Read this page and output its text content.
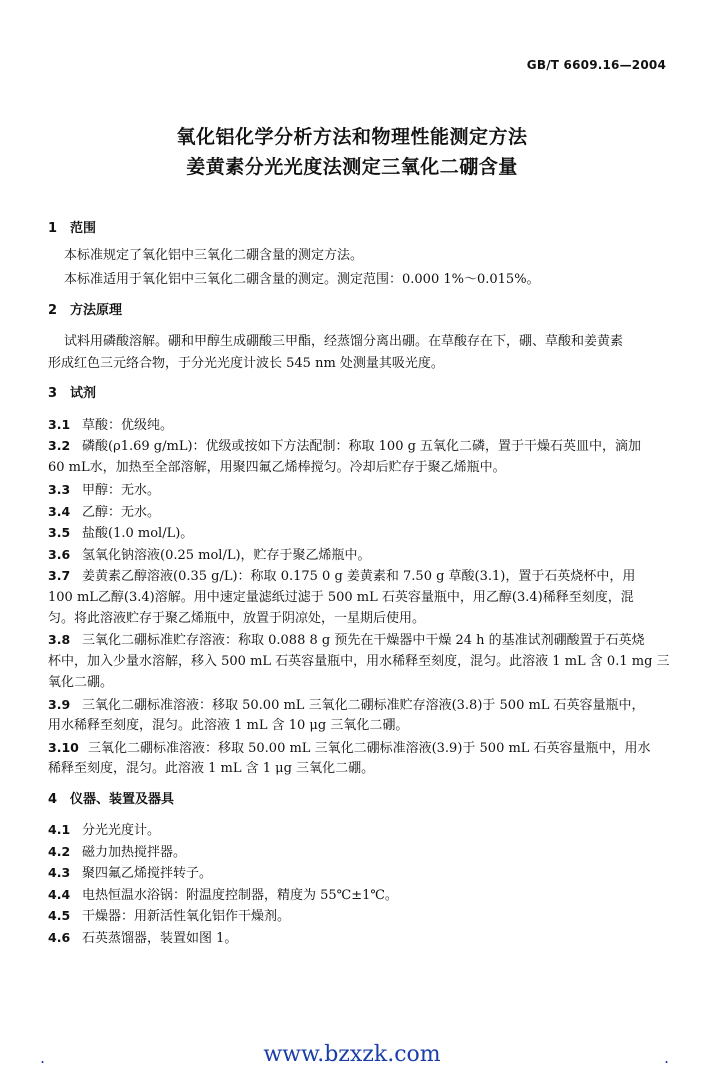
GB/T 6609.16—2004
氧化铝化学分析方法和物理性能测定方法
姜黄素分光光度法测定三氧化二硼含量
1 范围
本标准规定了氧化铝中三氧化二硼含量的测定方法。
本标准适用于氧化铝中三氧化二硼含量的测定。测定范围：0.000 1%～0.015%。
2 方法原理
试料用磷酸溶解。硼和甲醇生成硼酸三甲酯，经蒸馏分离出硼。在草酸存在下，硼、草酸和姜黄素
形成红色三元络合物，于分光光度计波长 545 nm 处测量其吸光度。
3 试剂
3.1 草酸：优级纯。
3.2 磷酸(ρ1.69 g/mL)：优级或按如下方法配制：称取 100 g 五氧化二磷，置于干燥石英皿中，滴加
60 mL水，加热至全部溶解，用聚四氟乙烯棒搅匀。冷却后贮存于聚乙烯瓶中。
3.3 甲醇：无水。
3.4 乙醇：无水。
3.5 盐酸(1.0 mol/L)。
3.6 氢氧化钠溶液(0.25 mol/L)，贮存于聚乙烯瓶中。
3.7 姜黄素乙醇溶液(0.35 g/L)：称取 0.175 0 g 姜黄素和 7.50 g 草酸(3.1)，置于石英烧杯中，用
100 mL乙醇(3.4)溶解。用中速定量滤纸过滤于 500 mL 石英容量瓶中，用乙醇(3.4)稀释至刻度，混
匀。将此溶液贮存于聚乙烯瓶中，放置于阴凉处，一星期后使用。
3.8 三氧化二硼标准贮存溶液：称取 0.088 8 g 预先在干燥器中干燥 24 h 的基准试剂硼酸置于石英烧
杯中，加入少量水溶解，移入 500 mL 石英容量瓶中，用水稀释至刻度，混匀。此溶液 1 mL 含 0.1 mg 三
氧化二硼。
3.9 三氧化二硼标准溶液：移取 50.00 mL 三氧化二硼标准贮存溶液(3.8)于 500 mL 石英容量瓶中，
用水稀释至刻度，混匀。此溶液 1 mL 含 10 μg 三氧化二硼。
3.10 三氧化二硼标准溶液：移取 50.00 mL 三氧化二硼标准溶液(3.9)于 500 mL 石英容量瓶中，用水
稀释至刻度，混匀。此溶液 1 mL 含 1 μg 三氧化二硼。
4 仪器、装置及器具
4.1 分光光度计。
4.2 磁力加热搅拌器。
4.3 聚四氟乙烯搅拌转子。
4.4 电热恒温水浴锅：附温度控制器，精度为 55℃±1℃。
4.5 干燥器：用新活性氧化铝作干燥剂。
4.6 石英蒸馏器，装置如图 1。
.	www.bzxzk.com	.
